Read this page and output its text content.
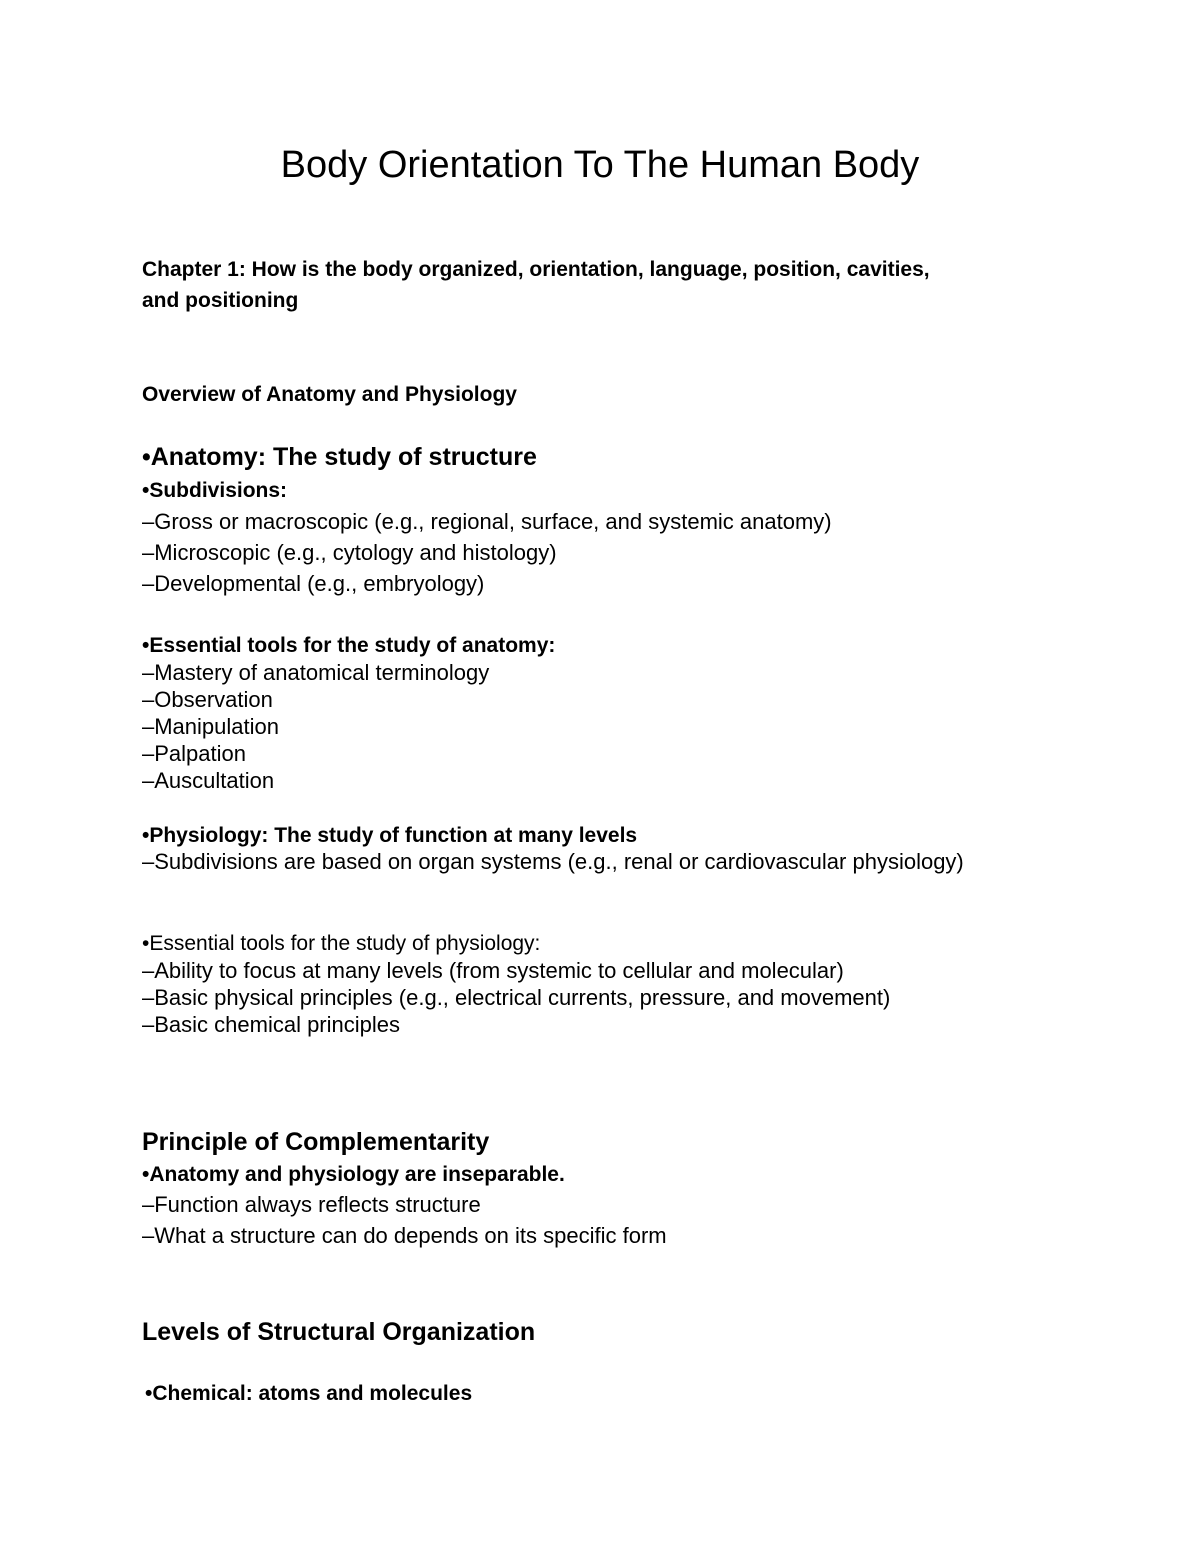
Body Orientation To The Human Body

Chapter 1: How is the body organized, orientation, language, position, cavities,

and positioning

Overview of Anatomy and Physiology

•Anatomy: The study of structure

•Subdivisions:

–Gross or macroscopic (e.g., regional, surface, and systemic anatomy)

–Microscopic (e.g., cytology and histology)

–Developmental (e.g., embryology)

•Essential tools for the study of anatomy:

–Mastery of anatomical terminology

–Observation

–Manipulation

–Palpation

–Auscultation

•Physiology: The study of function at many levels

–Subdivisions are based on organ systems (e.g., renal or cardiovascular physiology)

•Essential tools for the study of physiology:

–Ability to focus at many levels (from systemic to cellular and molecular)

–Basic physical principles (e.g., electrical currents, pressure, and movement)

–Basic chemical principles

Principle of Complementarity

•Anatomy and physiology are inseparable.

–Function always reflects structure

–What a structure can do depends on its specific form

Levels of Structural Organization

•Chemical: atoms and molecules
